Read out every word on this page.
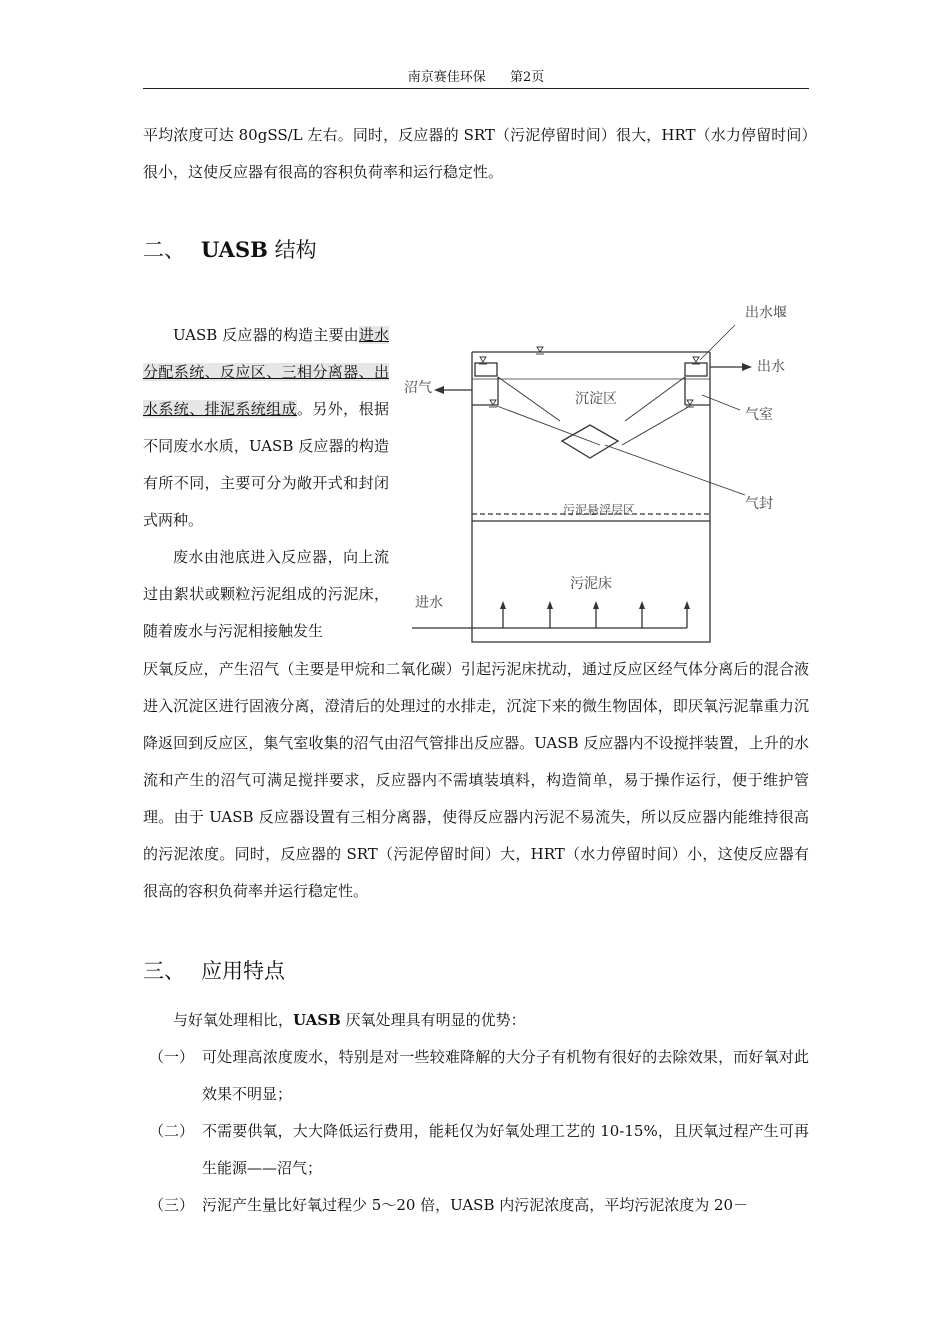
南京赛佳环保 第2页

平均浓度可达 80gSS/L 左右。同时，反应器的 SRT（污泥停留时间）很大，HRT（水力停留时间）很小，这使反应器有很高的容积负荷率和运行稳定性。

二、 UASB 结构

UASB 反应器的构造主要由进水分配系统、反应区、三相分离器、出水系统、排泥系统组成。另外，根据不同废水水质，UASB 反应器的构造有所不同，主要可分为敞开式和封闭式两种。

废水由池底进入反应器，向上流过由絮状或颗粒污泥组成的污泥床，随着废水与污泥相接触发生

出水堰
出水
沼气
沉淀区
气室
气封
污泥悬浮层区
污泥床
进水

厌氧反应，产生沼气（主要是甲烷和二氧化碳）引起污泥床扰动，通过反应区经气体分离后的混合液进入沉淀区进行固液分离，澄清后的处理过的水排走，沉淀下来的微生物固体，即厌氧污泥靠重力沉降返回到反应区，集气室收集的沼气由沼气管排出反应器。UASB 反应器内不设搅拌装置，上升的水流和产生的沼气可满足搅拌要求，反应器内不需填装填料，构造简单，易于操作运行，便于维护管理。由于 UASB 反应器设置有三相分离器，使得反应器内污泥不易流失，所以反应器内能维持很高的污泥浓度。同时，反应器的 SRT（污泥停留时间）大，HRT（水力停留时间）小，这使反应器有很高的容积负荷率并运行稳定性。

三、 应用特点

与好氧处理相比，UASB 厌氧处理具有明显的优势：

（一） 可处理高浓度废水，特别是对一些较难降解的大分子有机物有很好的去除效果，而好氧对此效果不明显；
（二） 不需要供氧，大大降低运行费用，能耗仅为好氧处理工艺的 10-15%，且厌氧过程产生可再生能源——沼气；
（三） 污泥产生量比好氧过程少 5～20 倍，UASB 内污泥浓度高，平均污泥浓度为 20－
